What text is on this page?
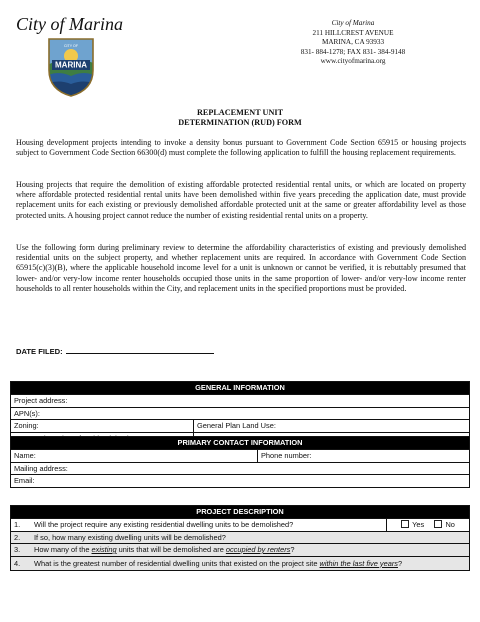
City of Marina
MARINA
CITY OF
City of Marina
211 HILLCREST AVENUE
MARINA, CA 93933
831- 884-1278; FAX 831- 384-9148
www.cityofmarina.org
REPLACEMENT UNIT
DETERMINATION (RUD) FORM
Housing development projects intending to invoke a density bonus pursuant to Government Code Section 65915 or housing projects subject to Government Code Section 66300(d) must complete the following application to fulfill the housing replacement requirements.
Housing projects that require the demolition of existing affordable protected residential rental units, or which are located on property where affordable protected residential rental units have been demolished within five years preceding the application date, must provide replacement units for each existing or previously demolished affordable protected unit at the same or greater affordability level as those protected units. A housing project cannot reduce the number of existing residential rental units on a property.
Use the following form during preliminary review to determine the affordability characteristics of existing and previously demolished residential units on the subject property, and whether replacement units are required. In accordance with Government Code Section 65915(c)(3)(B), where the applicable household income level for a unit is unknown or cannot be verified, it is rebuttably presumed that lower- and/or very-low income renter households occupied those units in the same proportion of lower- and/or very-low income renter households to all renter households within the City, and replacement units in the specified proportions must be provided.
DATE FILED:
GENERAL INFORMATION	
Project address:	
APN(s):	
Zoning:	General Plan Land Use:

PRIMARY CONTACT INFORMATION
Name:	Phone number:
Mailing address:
Email:
PROJECT DESCRIPTION
1. Will the project require any existing residential dwelling units to be demolished?	Yes	No
2. If so, how many existing dwelling units will be demolished?
3. How many of the existing units that will be demolished are occupied by renters?
4. What is the greatest number of residential dwelling units that existed on the project site within the last five years?
